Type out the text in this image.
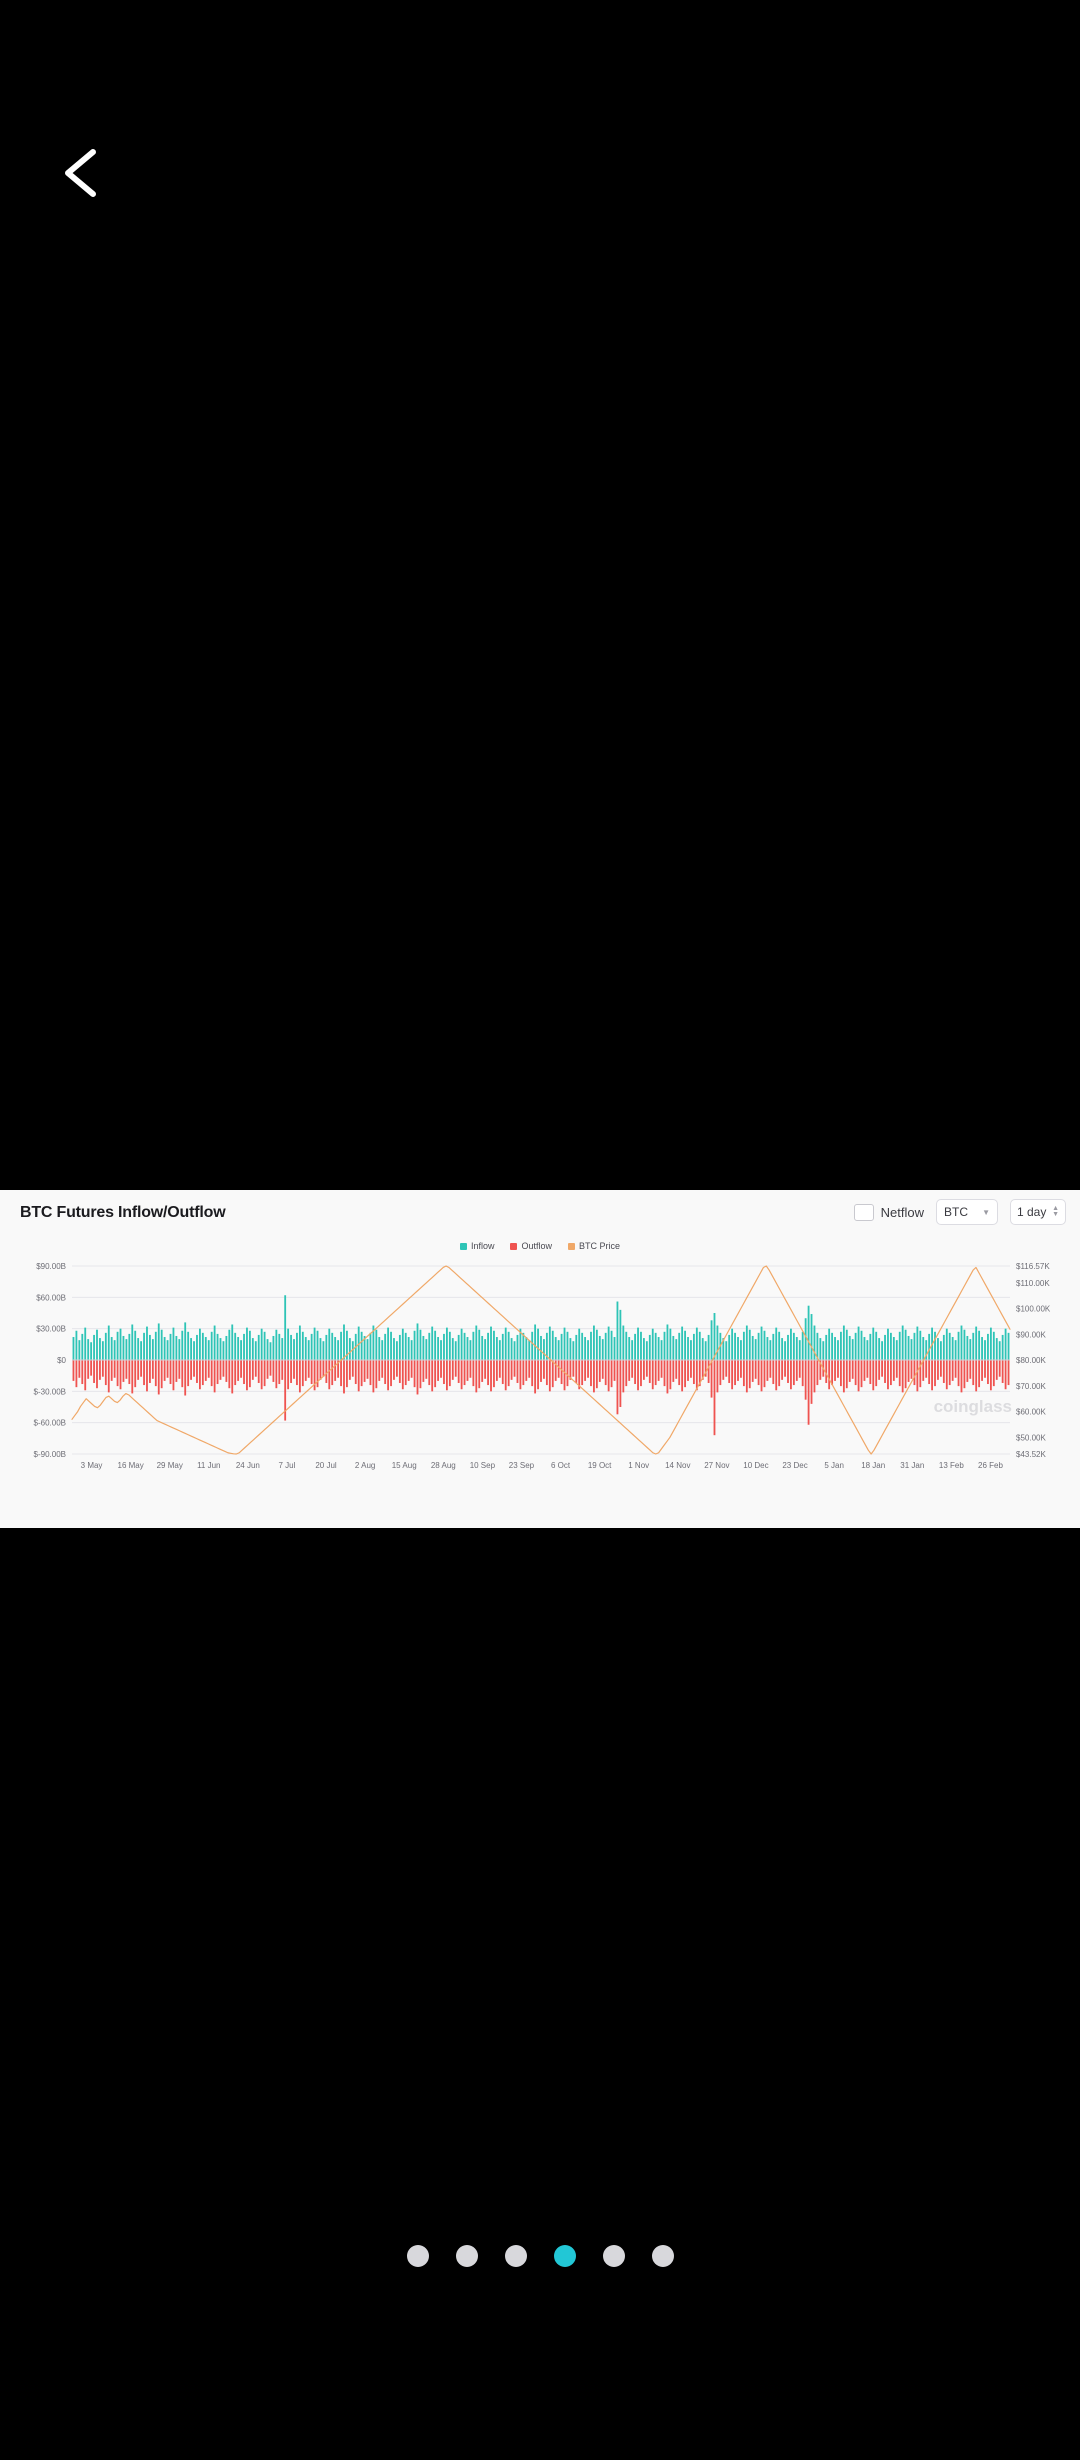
BTC Futures Inflow/Outflow	Netflow BTC ▼ 1 day ▲
▼
Inflow	Outflow	BTC Price
$90.00B
$60.00B
$30.00B
$0
$-30.00B
$-60.00B
$-90.00B
$116.57K
$110.00K
$100.00K
$90.00K
$80.00K
$70.00K
$60.00K
$50.00K
$43.52K
3 May 16 May 29 May 11 Jun 24 Jun 7 Jul 20 Jul 2 Aug 15 Aug 28 Aug 10 Sep 23 Sep 6 Oct 19 Oct 1 Nov 14 Nov 27 Nov 10 Dec 23 Dec 5 Jan 18 Jan 31 Jan 13 Feb 26 Feb
coinglass
